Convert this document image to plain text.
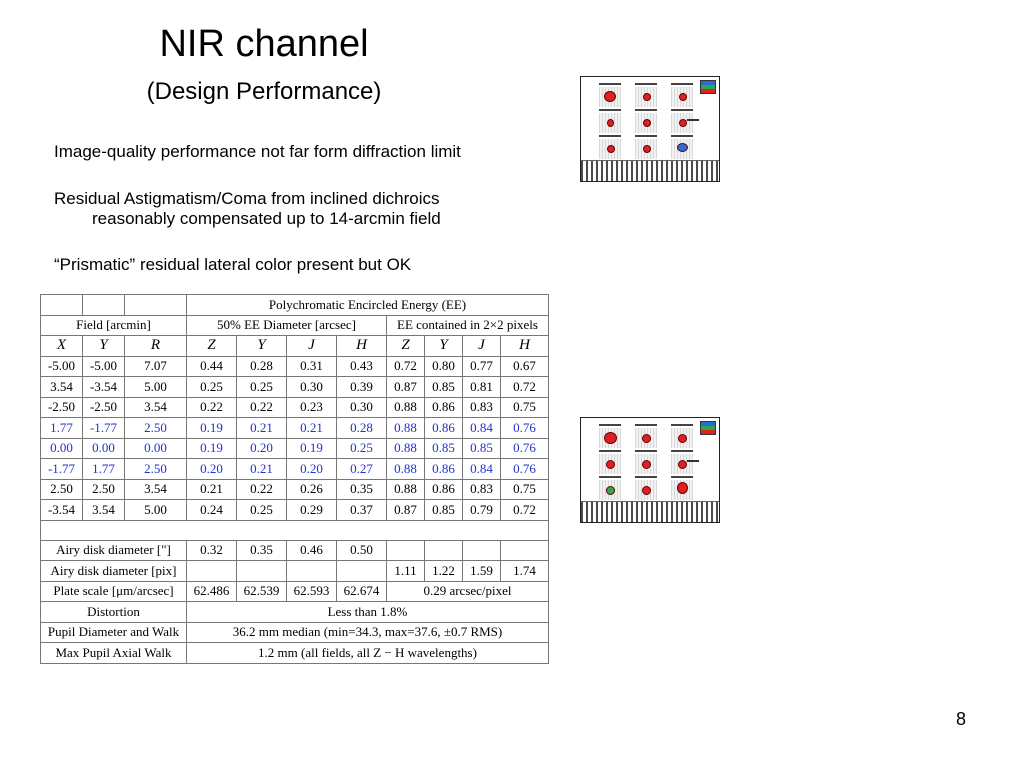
NIR channel
(Design Performance)
Image-quality performance not far form diffraction limit
Residual Astigmatism/Coma from inclined dichroics
reasonably compensated up to 14-arcmin field
“Prismatic” residual lateral color present but OK
			Polychromatic Encircled Energy (EE)							
Field [arcmin]			50% EE Diameter [arcsec]				EE contained in 2×2 pixels			
X	Y	R	Z	Y	J	H	Z	Y	J	H
-5.00	-5.00	7.07	0.44	0.28	0.31	0.43	0.72	0.80	0.77	0.67
3.54	-3.54	5.00	0.25	0.25	0.30	0.39	0.87	0.85	0.81	0.72
-2.50	-2.50	3.54	0.22	0.22	0.23	0.30	0.88	0.86	0.83	0.75
1.77	-1.77	2.50	0.19	0.21	0.21	0.28	0.88	0.86	0.84	0.76
0.00	0.00	0.00	0.19	0.20	0.19	0.25	0.88	0.85	0.85	0.76
-1.77	1.77	2.50	0.20	0.21	0.20	0.27	0.88	0.86	0.84	0.76
2.50	2.50	3.54	0.21	0.22	0.26	0.35	0.88	0.86	0.83	0.75
-3.54	3.54	5.00	0.24	0.25	0.29	0.37	0.87	0.85	0.79	0.72

Airy disk diameter ["]			0.32	0.35	0.46	0.50				
Airy disk diameter [pix]							1.11	1.22	1.59	1.74
Plate scale [μm/arcsec]			62.486	62.539	62.593	62.674	0.29 arcsec/pixel			
Distortion			Less than 1.8%							
Pupil Diameter and Walk			36.2 mm median (min=34.3, max=37.6, ±0.7 RMS)							
Max Pupil Axial Walk			1.2 mm (all fields, all Z − H wavelengths)							
8
